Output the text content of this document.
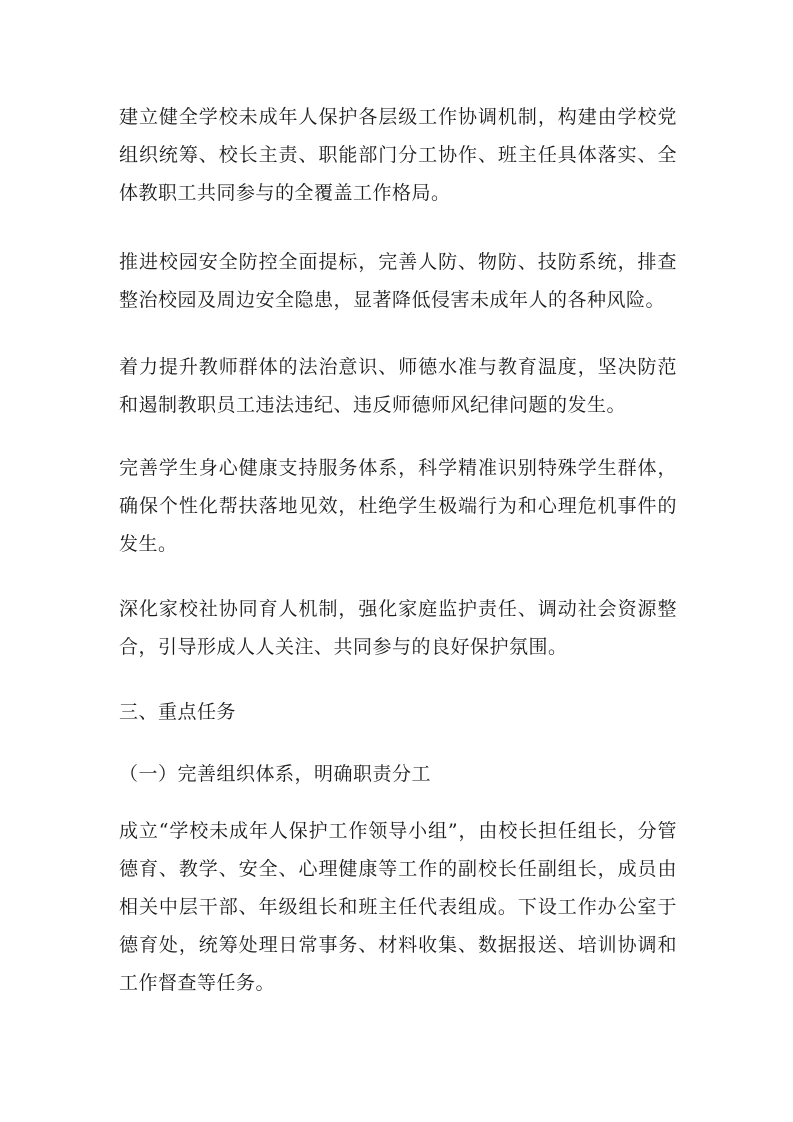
建立健全学校未成年人保护各层级工作协调机制，构建由学校党
组织统筹、校长主责、职能部门分工协作、班主任具体落实、全
体教职工共同参与的全覆盖工作格局。
推进校园安全防控全面提标，完善人防、物防、技防系统，排查
整治校园及周边安全隐患，显著降低侵害未成年人的各种风险。
着力提升教师群体的法治意识、师德水准与教育温度，坚决防范
和遏制教职员工违法违纪、违反师德师风纪律问题的发生。
完善学生身心健康支持服务体系，科学精准识别特殊学生群体，
确保个性化帮扶落地见效，杜绝学生极端行为和心理危机事件的
发生。
深化家校社协同育人机制，强化家庭监护责任、调动社会资源整
合，引导形成人人关注、共同参与的良好保护氛围。
三、重点任务
（一）完善组织体系，明确职责分工
成立“学校未成年人保护工作领导小组”，由校长担任组长，分管
德育、教学、安全、心理健康等工作的副校长任副组长，成员由
相关中层干部、年级组长和班主任代表组成。下设工作办公室于
德育处，统筹处理日常事务、材料收集、数据报送、培训协调和
工作督查等任务。
